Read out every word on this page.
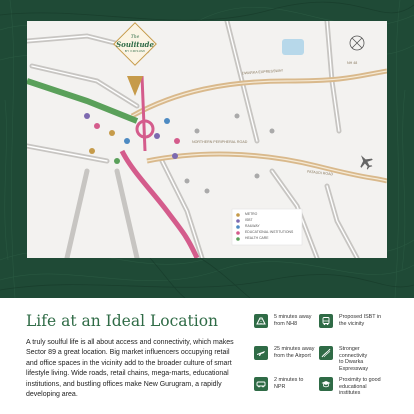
The
Soulitude
BY KRISUMI
DWARKA EXPRESSWAY
NH 48
PATAUDI ROAD
NORTHERN PERIPHERAL ROAD
METRO
ISBT
RAILWAY
EDUCATIONAL INSTITUTIONS
HEALTH CARE
Life at an Ideal Location
A truly soulful life is all about access and connectivity, which makes Sector 89 a great location. Big market influencers occupying retail and office spaces in the vicinity add to the broader culture of smart lifestyle living. Wide roads, retail chains, mega-marts, educational institutions, and bustling offices make New Gurugram, a rapidly developing area.
5 minutes away
from NH8
Proposed ISBT in
the vicinity
25 minutes away
from the Airport
Stronger connectivity
to Dwarka Expressway
2 minutes to
NPR
Proximity to good
educational institutes
